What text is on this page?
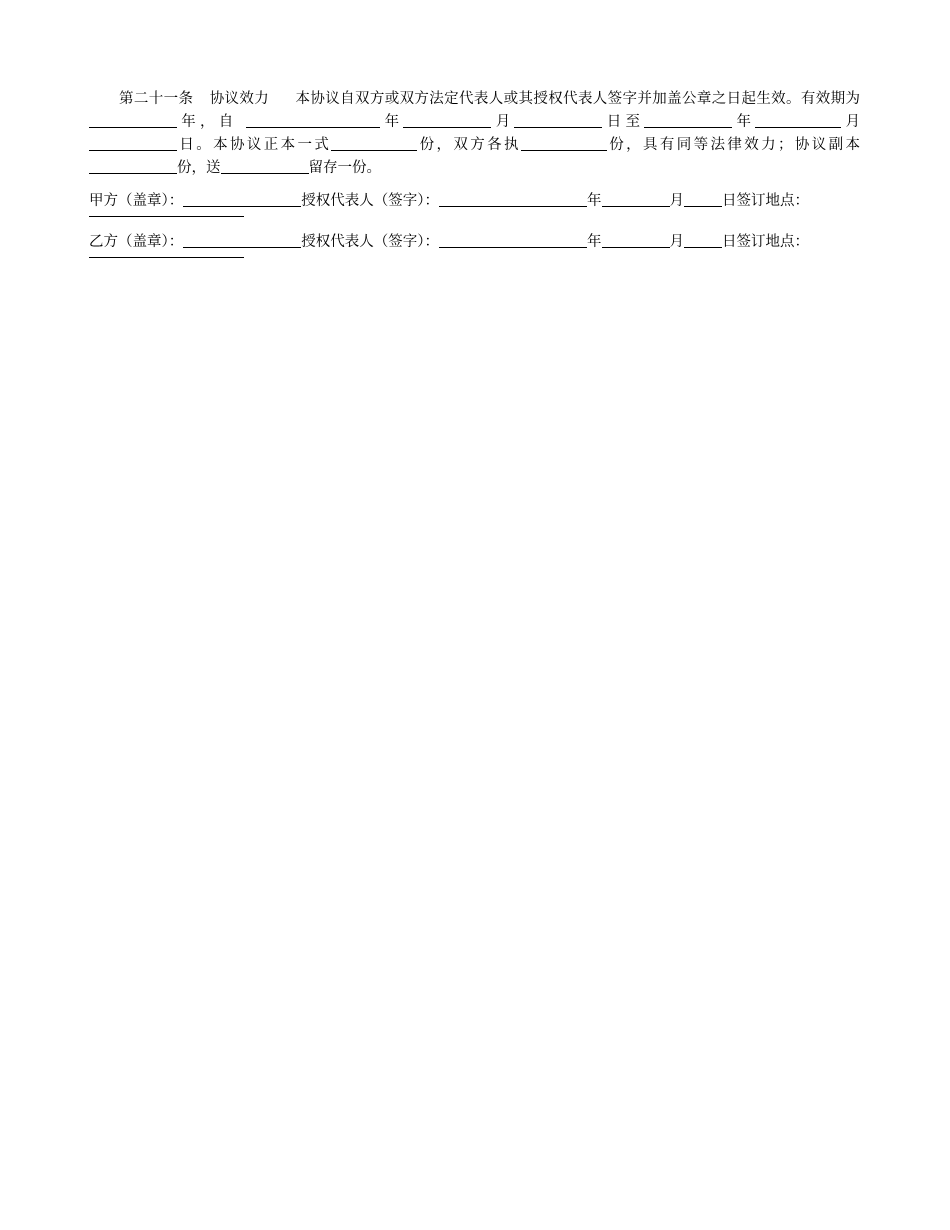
第二十一条 协议效力 本协议自双方或双方法定代表人或其授权代表人签字并加盖公章之日起生效。有效期为年，自	年	月	日至	年	月日。本协议正本一式	份，双方各执	份，具有同等法律效力；协议副本份，送	留存一份。

甲方（盖章）：	授权代表人（签字）：	年	月	日签订地点：

乙方（盖章）：	授权代表人（签字）：	年	月	日签订地点：
